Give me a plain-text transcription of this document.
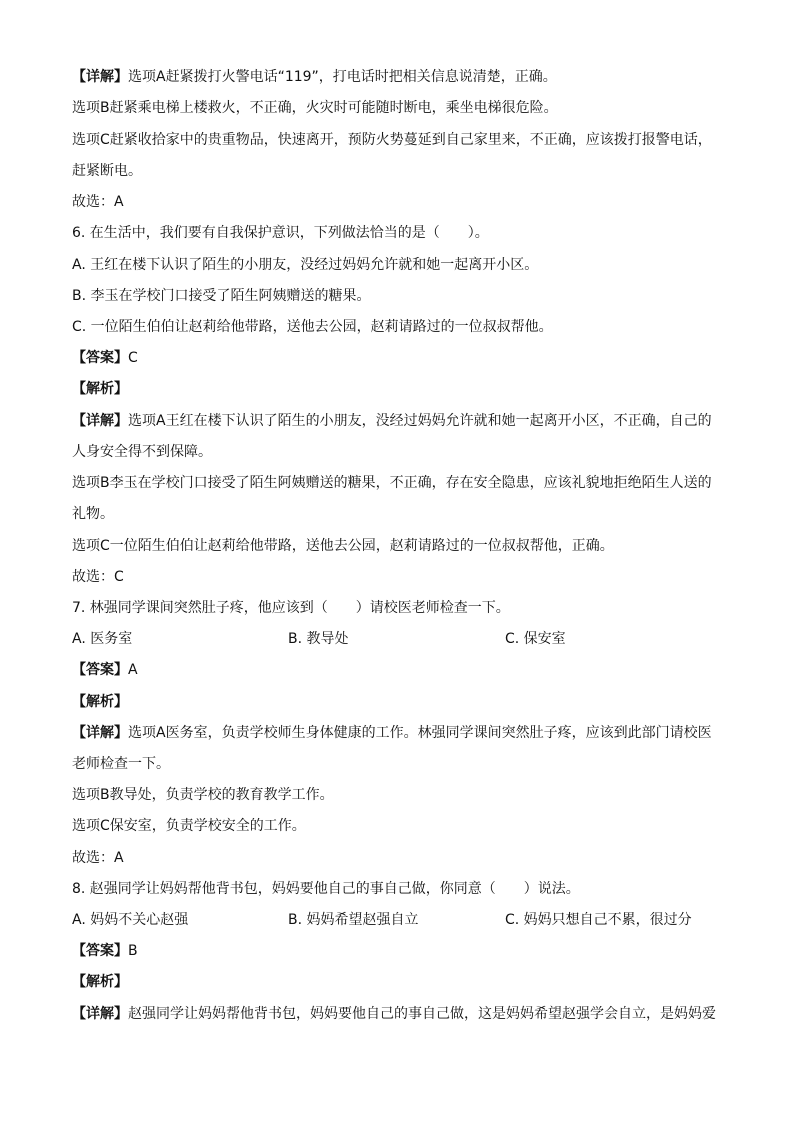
【详解】选项A赶紧拨打火警电话“119”，打电话时把相关信息说清楚，正确。
选项B赶紧乘电梯上楼救火，不正确，火灾时可能随时断电，乘坐电梯很危险。
选项C赶紧收拾家中的贵重物品，快速离开，预防火势蔓延到自己家里来，不正确，应该拨打报警电话，
赶紧断电。
故选：A
6. 在生活中，我们要有自我保护意识，下列做法恰当的是（　　）。
A. 王红在楼下认识了陌生的小朋友，没经过妈妈允许就和她一起离开小区。
B. 李玉在学校门口接受了陌生阿姨赠送的糖果。
C. 一位陌生伯伯让赵莉给他带路，送他去公园，赵莉请路过的一位叔叔帮他。
【答案】C
【解析】
【详解】选项A王红在楼下认识了陌生的小朋友，没经过妈妈允许就和她一起离开小区，不正确，自己的
人身安全得不到保障。
选项B李玉在学校门口接受了陌生阿姨赠送的糖果，不正确，存在安全隐患，应该礼貌地拒绝陌生人送的
礼物。
选项C一位陌生伯伯让赵莉给他带路，送他去公园，赵莉请路过的一位叔叔帮他，正确。
故选：C
7. 林强同学课间突然肚子疼，他应该到（　　）请校医老师检查一下。
A. 医务室	B. 教导处	C. 保安室
【答案】A
【解析】
【详解】选项A医务室，负责学校师生身体健康的工作。林强同学课间突然肚子疼，应该到此部门请校医
老师检查一下。
选项B教导处，负责学校的教育教学工作。
选项C保安室，负责学校安全的工作。
故选：A
8. 赵强同学让妈妈帮他背书包，妈妈要他自己的事自己做，你同意（　　）说法。
A. 妈妈不关心赵强	B. 妈妈希望赵强自立	C. 妈妈只想自己不累，很过分
【答案】B
【解析】
【详解】赵强同学让妈妈帮他背书包，妈妈要他自己的事自己做，这是妈妈希望赵强学会自立，是妈妈爱
